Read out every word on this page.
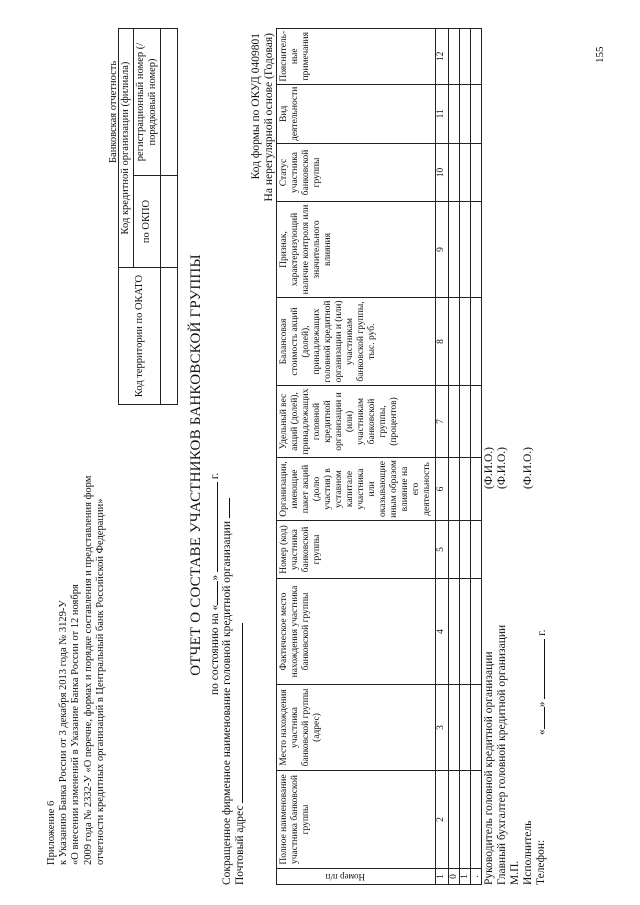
Приложение 6 к Указанию Банка России от 3 декабря 2013 года № 3129-У «О внесении изменений в Указание Банка России от 12 ноября 2009 года № 2332-У «О перечне, формах и порядке составления и представления форм отчетности кредитных организаций в Центральный банк Российской Федерации»
Банковская отчетность
Код территории по ОКАТО	Код кредитной организации (филиала)	
	по ОКПО	регистрационный номер (/порядковый номер)

ОТЧЕТ О СОСТАВЕ УЧАСТНИКОВ БАНКОВСКОЙ ГРУППЫ по состоянию на «»  г.
Сокращенное фирменное наименование головной кредитной организации Почтовый адрес
Код формы по ОКУД 0409801 На нерегулярной основе (Годовая)
Номер п/п	Полное наименование участника банковской группы	Место нахождения участника банковской группы (адрес)	Фактическое место нахождения участника банковской группы	Номер (код) участника банковской группы	Организации, имеющие пакет акций (долю участия) в уставном капитале участника или оказывающие иным образом влияние на его деятельность	Удельный вес акций (долей), принадлежащих головной кредитной организации и (или) участникам банковской группы, (процентов)	Балансовая стоимость акций (долей), принадлежащих головной кредитной организации и (или) участникам банковской группы, тыс. руб.	Признак, характеризующий наличие контроля или значительного влияния	Статус участника банковской группы	Вид деятельности	Пояснитель-ные примечания
1	2	3	4	5	6	7	8	9	10	11	12
0											
1											
.											Руководитель головной кредитной организации
(Ф.И.О.)
Главный бухгалтер головной кредитной организации
(Ф.И.О.)
М.П. Исполнитель
(Ф.И.О.)
Телефон:
«»  г.
155
